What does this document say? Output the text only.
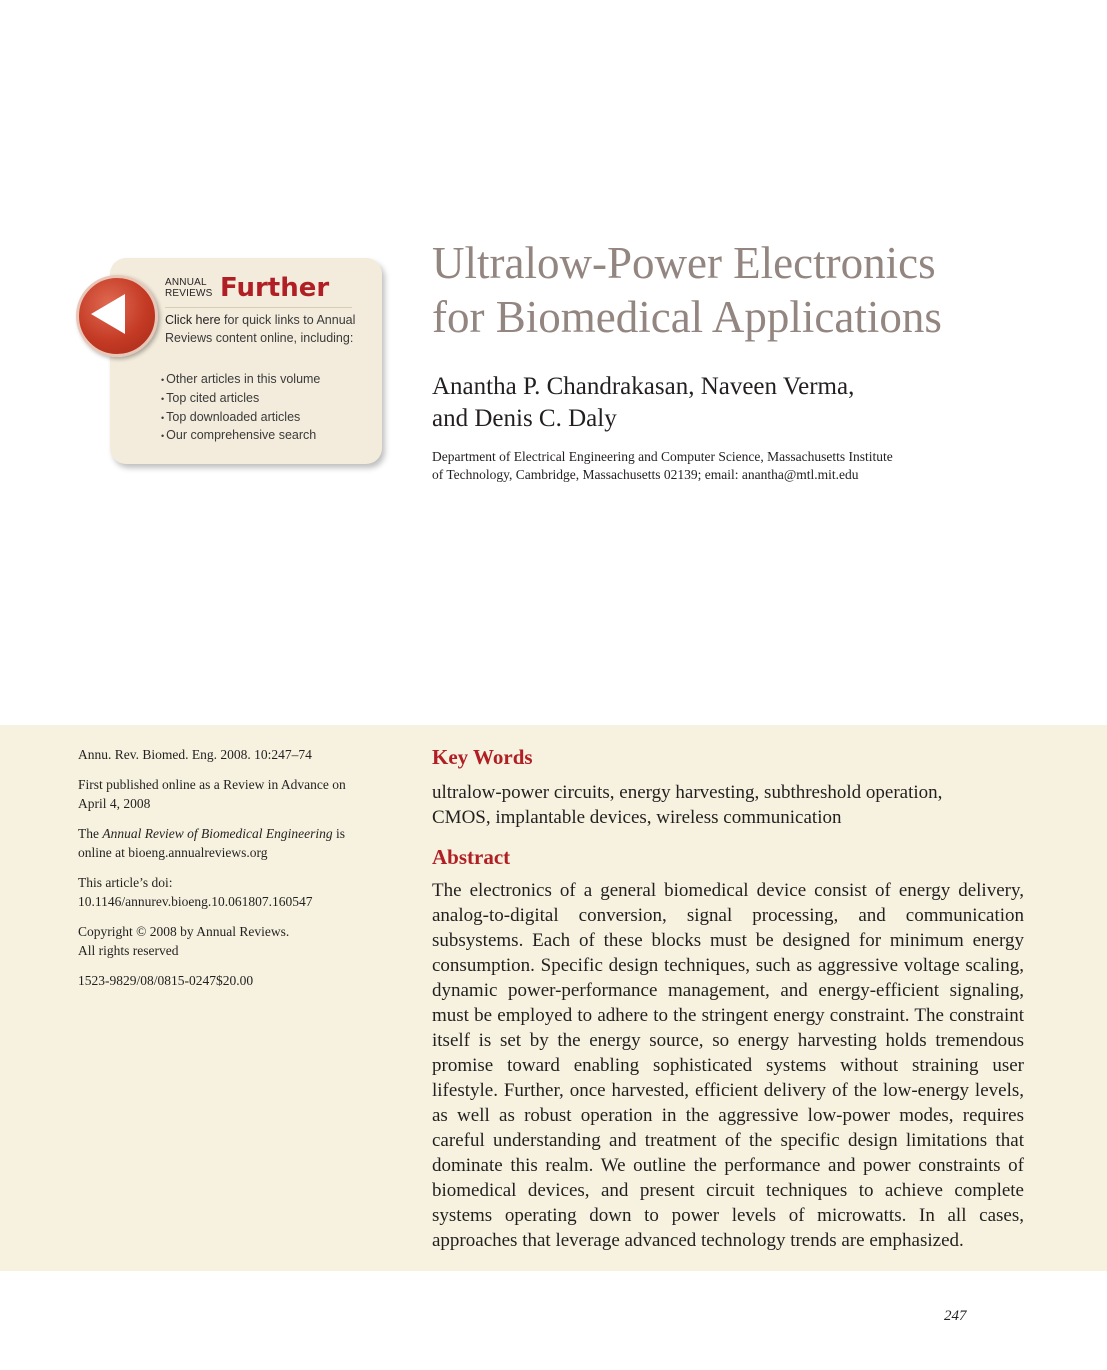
ANNUAL
REVIEWS Further
Click here for quick links to Annual Reviews content online, including:
• Other articles in this volume
• Top cited articles
• Top downloaded articles
• Our comprehensive search
Ultralow-Power Electronics
for Biomedical Applications
Anantha P. Chandrakasan, Naveen Verma,
and Denis C. Daly
Department of Electrical Engineering and Computer Science, Massachusetts Institute
of Technology, Cambridge, Massachusetts 02139; email: anantha@mtl.mit.edu

Annu. Rev. Biomed. Eng. 2008. 10:247–74

First published online as a Review in Advance on
April 4, 2008

The Annual Review of Biomedical Engineering is
online at bioeng.annualreviews.org

This article’s doi:
10.1146/annurev.bioeng.10.061807.160547

Copyright © 2008 by Annual Reviews.
All rights reserved

1523-9829/08/0815-0247$20.00

Key Words
ultralow-power circuits, energy harvesting, subthreshold operation,
CMOS, implantable devices, wireless communication
Abstract
The electronics of a general biomedical device consist of energy delivery, analog-to-digital conversion, signal processing, and communication subsystems. Each of these blocks must be designed for minimum energy consumption. Specific design techniques, such as aggressive voltage scaling, dynamic power-performance management, and energy-efficient signaling, must be employed to adhere to the stringent energy constraint. The constraint itself is set by the energy source, so energy harvesting holds tremendous promise toward enabling sophisticated systems without straining user lifestyle. Further, once harvested, efficient delivery of the low-energy levels, as well as robust operation in the aggressive low-power modes, requires careful understanding and treatment of the specific design limitations that dominate this realm. We outline the performance and power constraints of biomedical devices, and present circuit techniques to achieve complete systems operating down to power levels of microwatts. In all cases, approaches that leverage advanced technology trends are emphasized.
247
